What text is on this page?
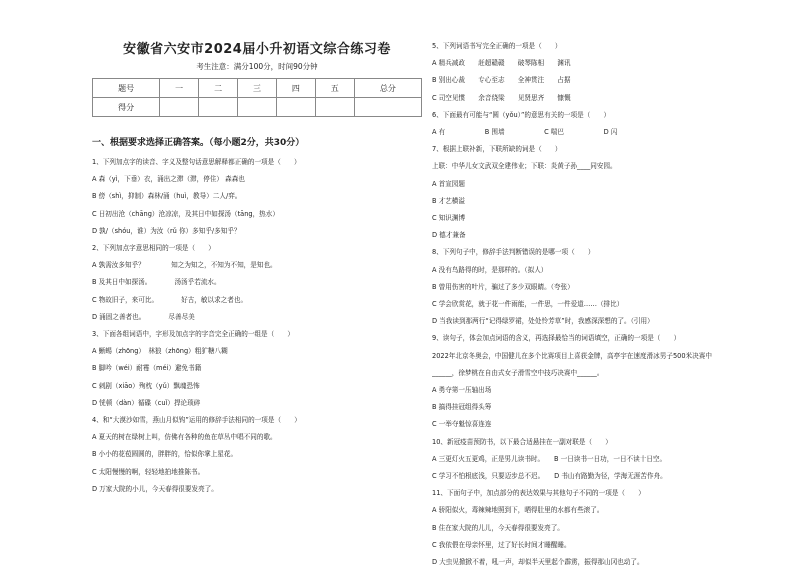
安徽省六安市2024届小升初语文综合练习卷
考生注意：满分100分，时间90分钟
题号	一	二	三	四	五	总分
得分						
一、根据要求选择正确答案。（每小题2分，共30分）
1、下列加点字的读音、字义及整句话意思解释都正确的一项是（　　）
A 森（yì，下垂）衣，涌出之滞（滞，停住） 森森也
B 傍（shì，抑制）森林/涌（huì，教导）二人/弈。
C 日初出沧（chāng）沧凉凉，及其日中如探汤（tāng，热水）
D 孰/（shóu，谁）为汝（rǔ 你）多知乎/多知乎？
2、下列加点字意思相同的一项是（　　）
A 孰需汝多知乎？　　　　知之为知之，不知为不知，是知也。
B 及其日中如探汤。　　　　汤汤乎若流水。
C 物故旧子，来可比。　　　　好古，敏以求之者也。
D 涌固之善者也。　　　　尽善尽美
3、下面各组词语中，字形及加点字的字音完全正确的一组是（　　）
A 蜥蜴（zhōng）　林狼（zhōng）粗犷糖八糊
B 脚吟（wéi）耐霉（méi）避免书籍
C 刺剧（xiāo）殉枕（yǔ）飘魂恐怖
D 恍顿（dàn）循碟（cuǐ）捍论琐碎
4、和“大漠沙如雪，燕山月似钩”运用的修辞手法相同的一项是（　　）
A 夏天的树在绿树上叫，仿佛有各种的鱼在草丛中唱不同的歌。
B 小小的花苞圆圆的，胖胖的，恰似你掌上星花。
C 太阳慢慢的啊，轻轻地拍地推陈书。
D 万家大院的小儿，今天春得很要发亮了。
5、下列词语书写完全正确的一项是（　　）
A 精兵减政　　赶超赣赣　　破琴陈相　　渊讯
B 别出心裁　　专心至志　　全神贯注　　占据
C 司空见惯　　余音绕梁　　见贤思齐　　慷慨
6、下面最有可能与“圆（yǒu）”的意思有关的一项是（　　）
A 有　　　　　　B 围墙　　　　　　C 喘巴　　　　　　D 闪
7、根据上联补新，下联所缺的词是（　　）
上联：中华儿女文武双全建伟业；下联：炎黄子孙____同安园。
A 首宣园题
B 才艺横溢
C 知识渊博
D 德才兼备
8、下列句子中，修辞手法判断错误的是哪一项（　　）
A 没有鸟路得的时，是那样的。（拟人）
B 曾用伤害的叶片，骗过了多少双眼睛。（夸张）
C 学会欣赏花，就于花一件雨能，一件思，一件爱道……（排比）
D 当我读到那两行“记得绿罗裙，处处怜芳草”时，我感深深想的了。（引用）
9、读句子，体会加点词语的含义，再选择最恰当的词语填空，正确的一项是（　　）
2022年北京冬奥会，中国健儿在多个比赛项目上喜获金牌，高亭宇在速度滑冰男子500米决赛中
______，徐梦桃在自由式女子滑雪空中技巧决赛中______。
A 勇夺第一压轴出场
B 搞得挂冠组得头筹
C 一举夺魁惊喜连连
10、新冠疫苗预防书，以下最合适悬挂在一副对联是（　　）
A 三更灯火五更鸡，正是男儿读书时。　　B 一日读书一日功，一日不读十日空。
C 学习不怕根底浅，只要迈步总不迟。　　D 书山有路勤为径，学海无涯苦作舟。
11、下面句子中，加点部分的表达效果与其他句子不同的一项是（　　）
A 骄阳似火，毒辣辣地照到下，晒得肚里的水都有些滚了。
B 住在家大院的儿儿，今天春得很要发亮了。
C 我依偎在母亲怀里，过了好长时间才睡醒睡。
D 大虫见掀掀不着，吼一声，却似半天里起个霹雳，振得那山冈也动了。
